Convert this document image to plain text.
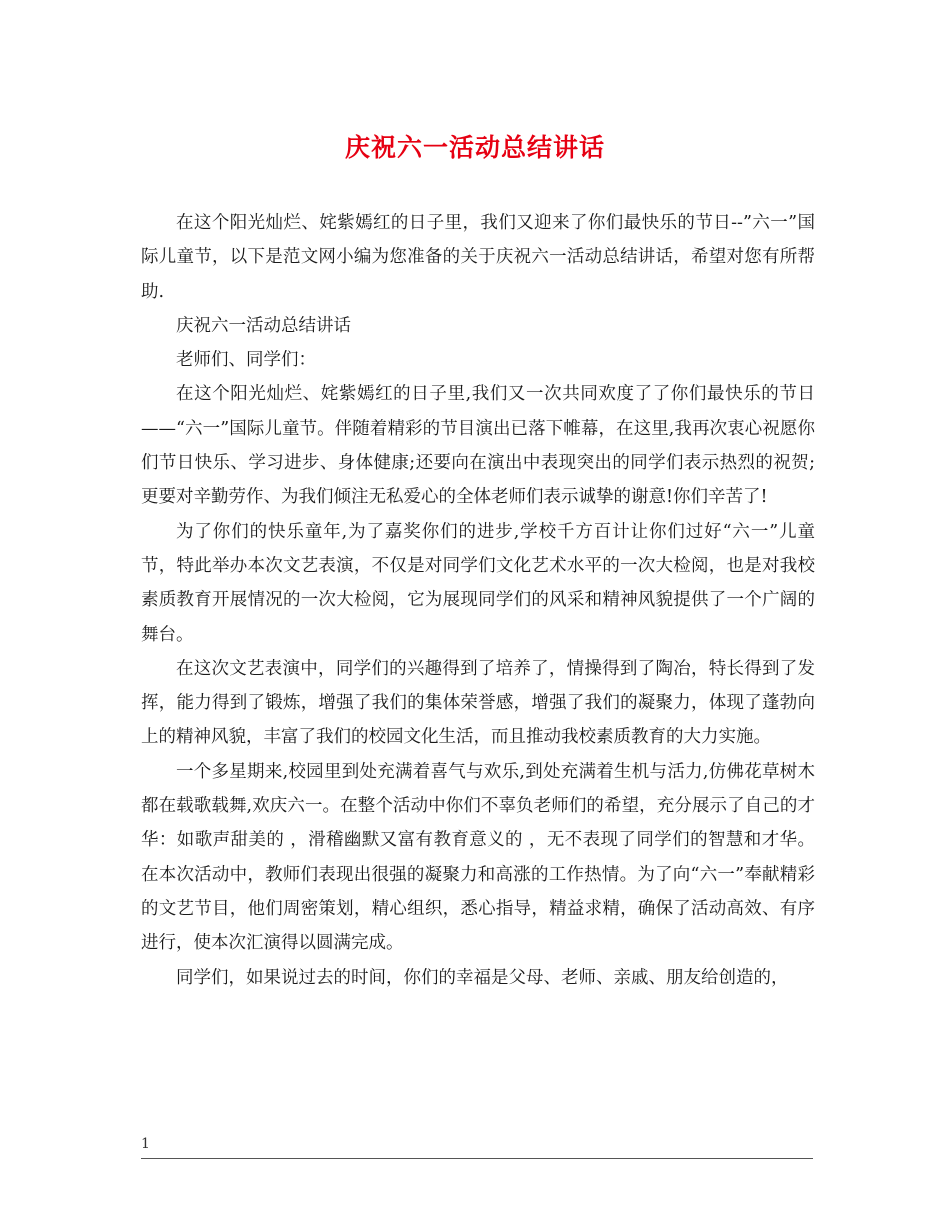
庆祝六一活动总结讲话

在这个阳光灿烂、姹紫嫣红的日子里，我们又迎来了你们最快乐的节日--”六一”国际儿童节，以下是范文网小编为您准备的关于庆祝六一活动总结讲话，希望对您有所帮助.

庆祝六一活动总结讲话

老师们、同学们：

在这个阳光灿烂、姹紫嫣红的日子里,我们又一次共同欢度了了你们最快乐的节日——“六一”国际儿童节。伴随着精彩的节目演出已落下帷幕，在这里,我再次衷心祝愿你们节日快乐、学习进步、身体健康;还要向在演出中表现突出的同学们表示热烈的祝贺;更要对辛勤劳作、为我们倾注无私爱心的全体老师们表示诚挚的谢意!你们辛苦了!

为了你们的快乐童年,为了嘉奖你们的进步,学校千方百计让你们过好“六一”儿童节，特此举办本次文艺表演，不仅是对同学们文化艺术水平的一次大检阅，也是对我校素质教育开展情况的一次大检阅，它为展现同学们的风采和精神风貌提供了一个广阔的舞台。

在这次文艺表演中，同学们的兴趣得到了培养了，情操得到了陶冶，特长得到了发挥，能力得到了锻炼，增强了我们的集体荣誉感，增强了我们的凝聚力，体现了蓬勃向上的精神风貌，丰富了我们的校园文化生活，而且推动我校素质教育的大力实施。

一个多星期来,校园里到处充满着喜气与欢乐,到处充满着生机与活力,仿佛花草树木都在载歌载舞,欢庆六一。在整个活动中你们不辜负老师们的希望，充分展示了自己的才华：如歌声甜美的 ，滑稽幽默又富有教育意义的 ，无不表现了同学们的智慧和才华。 在本次活动中，教师们表现出很强的凝聚力和高涨的工作热情。为了向“六一”奉献精彩的文艺节目，他们周密策划，精心组织，悉心指导，精益求精，确保了活动高效、有序进行，使本次汇演得以圆满完成。

同学们，如果说过去的时间，你们的幸福是父母、老师、亲戚、朋友给创造的，

1
